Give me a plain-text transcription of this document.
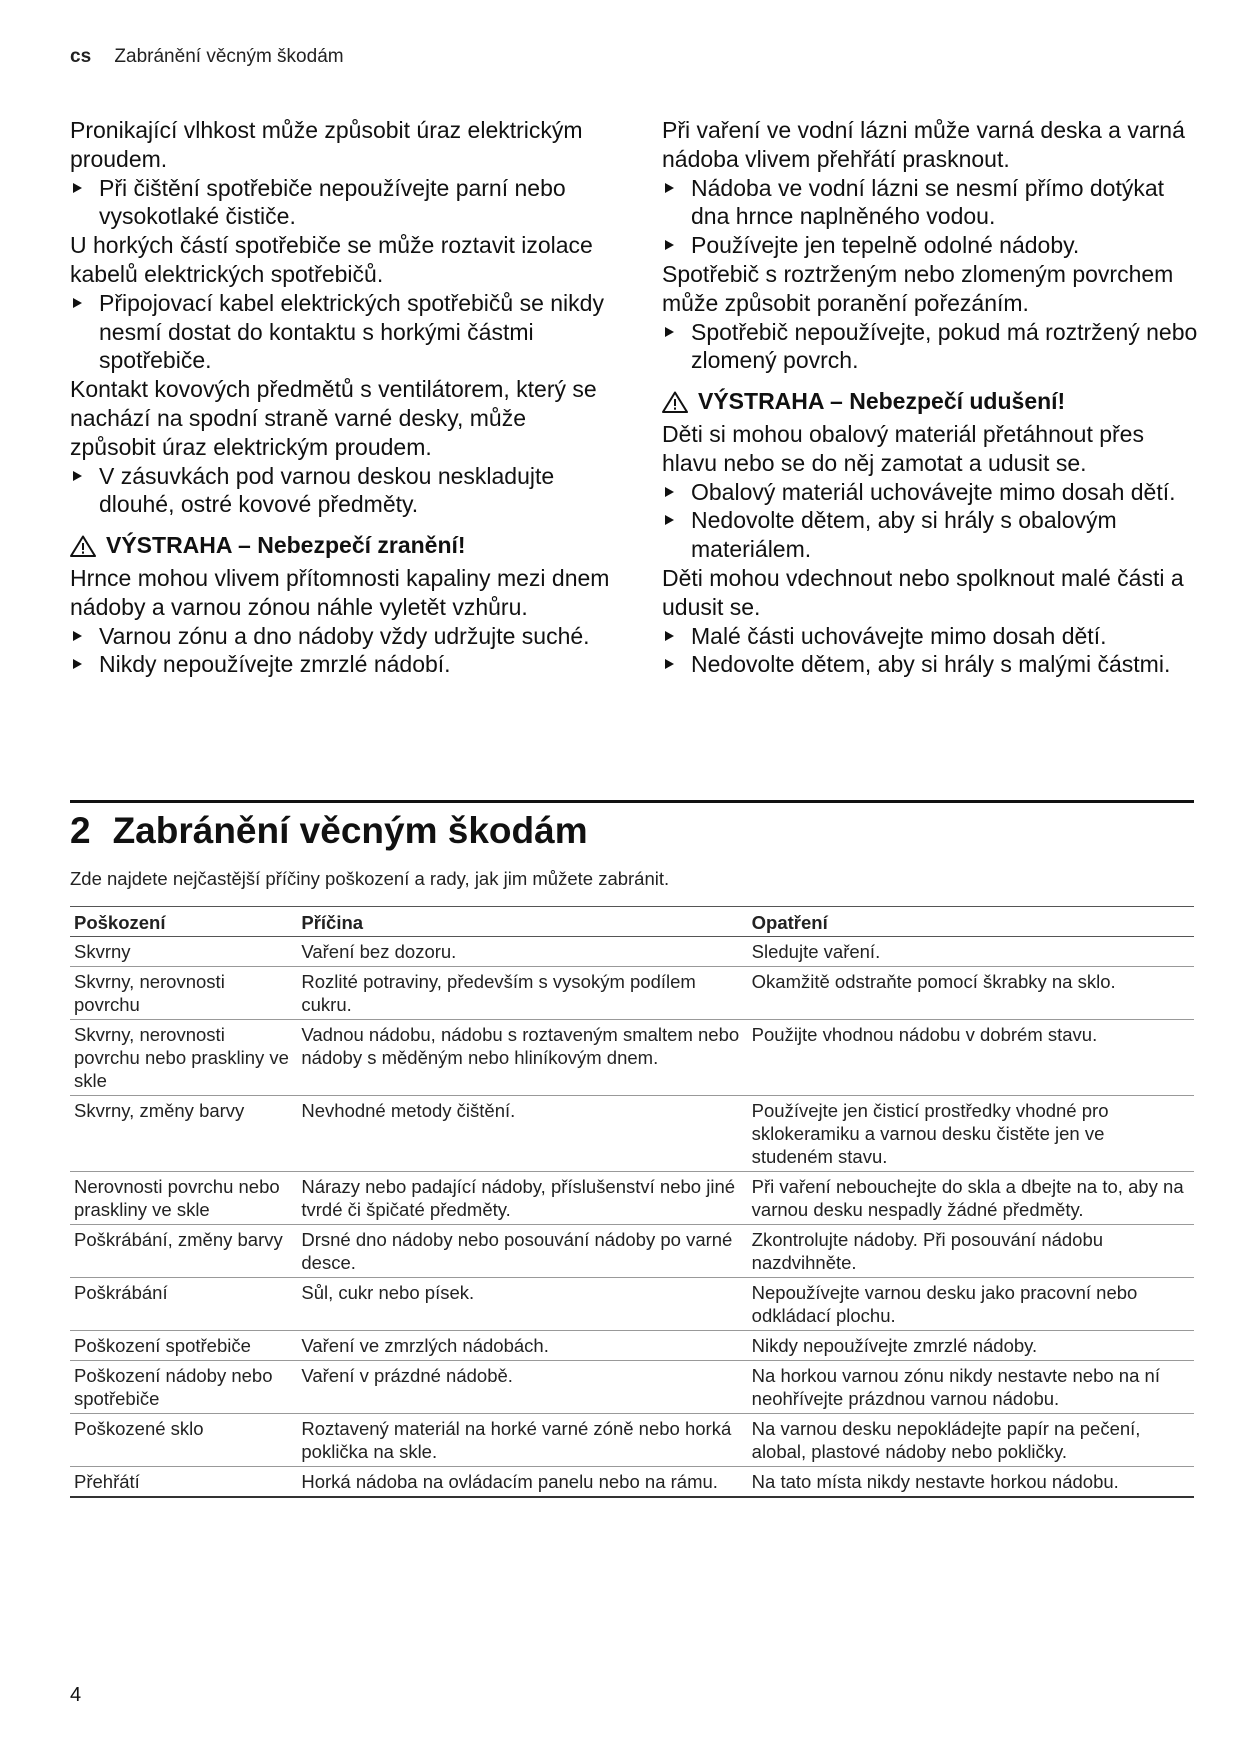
cs Zabránění věcným škodám

Pronikající vlhkost může způsobit úraz elektrickým proudem.

Při čištění spotřebiče nepoužívejte parní nebo vysokotlaké čističe.

U horkých částí spotřebiče se může roztavit izolace kabelů elektrických spotřebičů.

Připojovací kabel elektrických spotřebičů se nikdy nesmí dostat do kontaktu s horkými částmi spotřebiče.

Kontakt kovových předmětů s ventilátorem, který se nachází na spodní straně varné desky, může způsobit úraz elektrickým proudem.

V zásuvkách pod varnou deskou neskladujte dlouhé, ostré kovové předměty.
VÝSTRAHA – Nebezpečí zranění!

Hrnce mohou vlivem přítomnosti kapaliny mezi dnem nádoby a varnou zónou náhle vyletět vzhůru.

Varnou zónu a dno nádoby vždy udržujte suché.
Nikdy nepoužívejte zmrzlé nádobí.

Při vaření ve vodní lázni může varná deska a varná nádoba vlivem přehřátí prasknout.

Nádoba ve vodní lázni se nesmí přímo dotýkat dna hrnce naplněného vodou.
Používejte jen tepelně odolné nádoby.

Spotřebič s roztrženým nebo zlomeným povrchem může způsobit poranění pořezáním.

Spotřebič nepoužívejte, pokud má roztržený nebo zlomený povrch.
VÝSTRAHA – Nebezpečí udušení!

Děti si mohou obalový materiál přetáhnout přes hlavu nebo se do něj zamotat a udusit se.

Obalový materiál uchovávejte mimo dosah dětí.
Nedovolte dětem, aby si hrály s obalovým materiálem.

Děti mohou vdechnout nebo spolknout malé části a udusit se.

Malé části uchovávejte mimo dosah dětí.
Nedovolte dětem, aby si hrály s malými částmi.
2 Zabránění věcným škodám
Zde najdete nejčastější příčiny poškození a rady, jak jim můžete zabránit.
Poškození	Příčina	Opatření
Skvrny	Vaření bez dozoru.	Sledujte vaření.
Skvrny, nerovnosti povrchu	Rozlité potraviny, především s vysokým podílem cukru.	Okamžitě odstraňte pomocí škrabky na sklo.
Skvrny, nerovnosti povrchu nebo praskliny ve skle	Vadnou nádobu, nádobu s roztaveným smaltem nebo nádoby s měděným nebo hliníkovým dnem.	Použijte vhodnou nádobu v dobrém stavu.
Skvrny, změny barvy	Nevhodné metody čištění.	Používejte jen čisticí prostředky vhodné pro sklokeramiku a varnou desku čistěte jen ve studeném stavu.
Nerovnosti povrchu nebo praskliny ve skle	Nárazy nebo padající nádoby, příslušenství nebo jiné tvrdé či špičaté předměty.	Při vaření nebouchejte do skla a dbejte na to, aby na varnou desku nespadly žádné předměty.
Poškrábání, změny barvy	Drsné dno nádoby nebo posouvání nádoby po varné desce.	Zkontrolujte nádoby. Při posouvání nádobu nazdvihněte.
Poškrábání	Sůl, cukr nebo písek.	Nepoužívejte varnou desku jako pracovní nebo odkládací plochu.
Poškození spotřebiče	Vaření ve zmrzlých nádobách.	Nikdy nepoužívejte zmrzlé nádoby.
Poškození nádoby nebo spotřebiče	Vaření v prázdné nádobě.	Na horkou varnou zónu nikdy nestavte nebo na ní neohřívejte prázdnou varnou nádobu.
Poškozené sklo	Roztavený materiál na horké varné zóně nebo horká poklička na skle.	Na varnou desku nepokládejte papír na pečení, alobal, plastové nádoby nebo pokličky.
Přehřátí	Horká nádoba na ovládacím panelu nebo na rámu.	Na tato místa nikdy nestavte horkou nádobu.
4
